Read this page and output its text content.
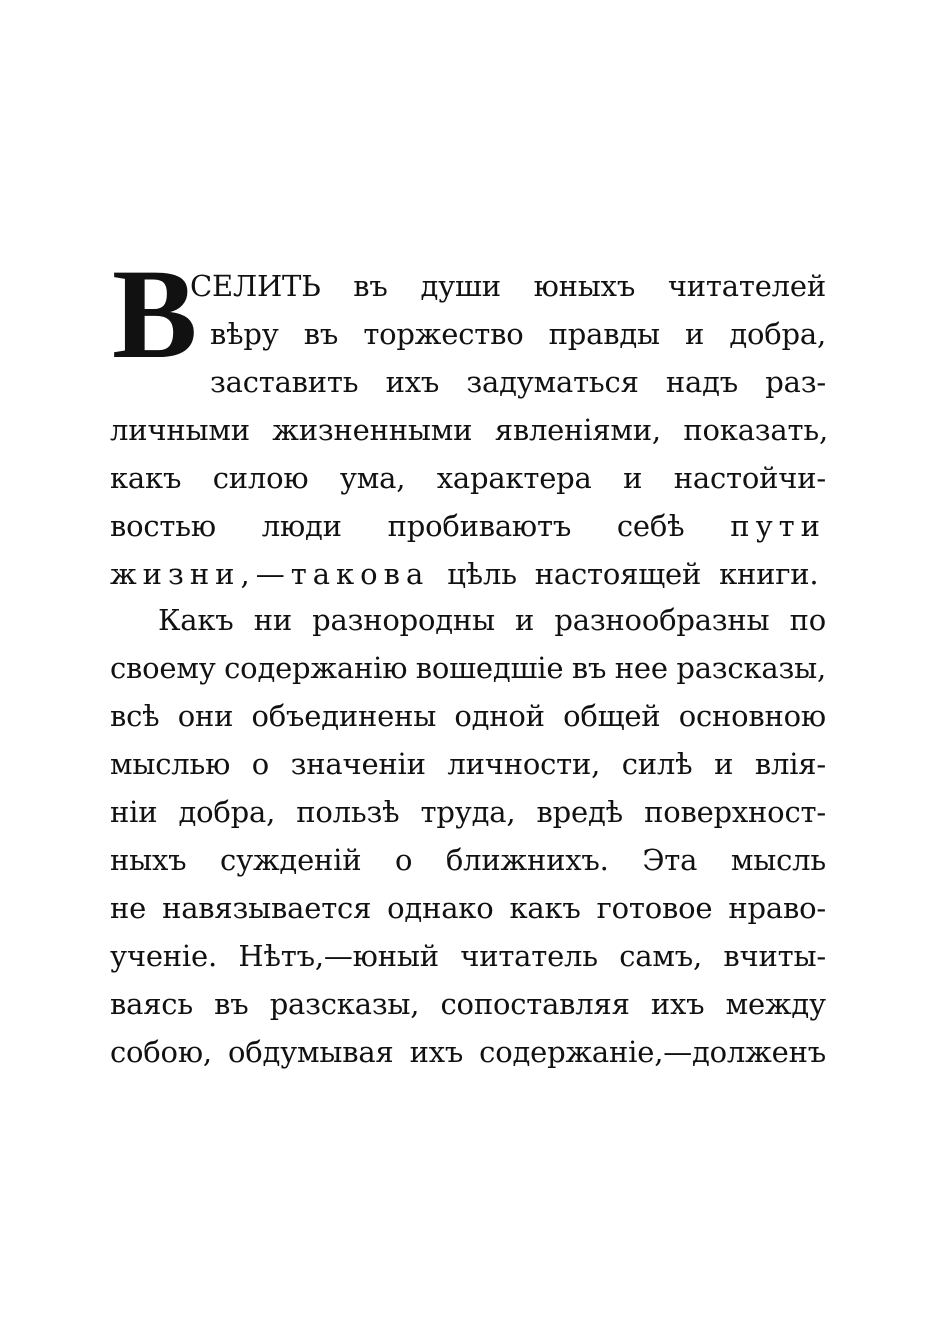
В
СЕЛИТЬ въ души юныхъ читателей
вѣру въ торжество правды и добра,
заставить ихъ задуматься надъ раз-
личными жизненными явленіями, показать,
какъ силою ума, характера и настойчи-
востью люди пробиваютъ себѣ пути
жизни,—такова цѣль настоящей книги.
Какъ ни разнородны и разнообразны по
своему содержанію вошедшіе въ нее разсказы,
всѣ они объединены одной общей основною
мыслью о значеніи личности, силѣ и влія-
ніи добра, пользѣ труда, вредѣ поверхност-
ныхъ сужденій о ближнихъ. Эта мысль
не навязывается однако какъ готовое нраво-
ученіе. Нѣтъ,—юный читатель самъ, вчиты-
ваясь въ разсказы, сопоставляя ихъ между
собою, обдумывая ихъ содержаніе,—долженъ
